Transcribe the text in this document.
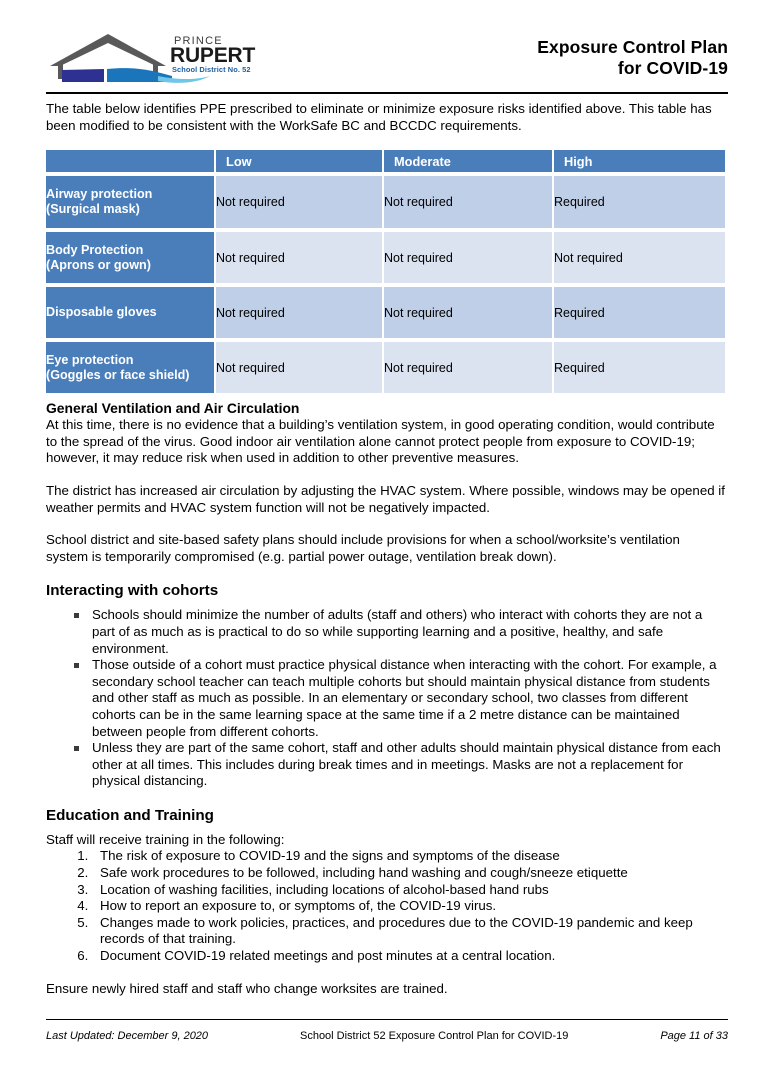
PRINCE
RUPERT
School District No. 52
Exposure Control Plan
for COVID-19

The table below identifies PPE prescribed to eliminate or minimize exposure risks identified above. This table has been modified to be consistent with the WorkSafe BC and BCCDC requirements.

	Low	Moderate	High

Airway protection
(Surgical mask)	Not required	Not required	Required

Body Protection
(Aprons or gown)	Not required	Not required	Not required

Disposable gloves	Not required	Not required	Required

Eye protection
(Goggles or face shield)	Not required	Not required	Required
General Ventilation and Air Circulation

At this time, there is no evidence that a building’s ventilation system, in good operating condition, would contribute to the spread of the virus. Good indoor air ventilation alone cannot protect people from exposure to COVID-19; however, it may reduce risk when used in addition to other preventive measures.

The district has increased air circulation by adjusting the HVAC system. Where possible, windows may be opened if weather permits and HVAC system function will not be negatively impacted.

School district and site-based safety plans should include provisions for when a school/worksite’s ventilation system is temporarily compromised (e.g. partial power outage, ventilation break down).

Interacting with cohorts
Schools should minimize the number of adults (staff and others) who interact with cohorts they are not a part of as much as is practical to do so while supporting learning and a positive, healthy, and safe environment.
Those outside of a cohort must practice physical distance when interacting with the cohort. For example, a secondary school teacher can teach multiple cohorts but should maintain physical distance from students and other staff as much as possible. In an elementary or secondary school, two classes from different cohorts can be in the same learning space at the same time if a 2 metre distance can be maintained between people from different cohorts.
Unless they are part of the same cohort, staff and other adults should maintain physical distance from each other at all times. This includes during break times and in meetings. Masks are not a replacement for physical distancing.
Education and Training

Staff will receive training in the following:

1. The risk of exposure to COVID-19 and the signs and symptoms of the disease
2. Safe work procedures to be followed, including hand washing and cough/sneeze etiquette
3. Location of washing facilities, including locations of alcohol-based hand rubs
4. How to report an exposure to, or symptoms of, the COVID-19 virus.
5. Changes made to work policies, practices, and procedures due to the COVID-19 pandemic and keep records of that training.
6. Document COVID-19 related meetings and post minutes at a central location.

Ensure newly hired staff and staff who change worksites are trained.

Last Updated: December 9, 2020	School District 52 Exposure Control Plan for COVID-19	Page 11 of 33
